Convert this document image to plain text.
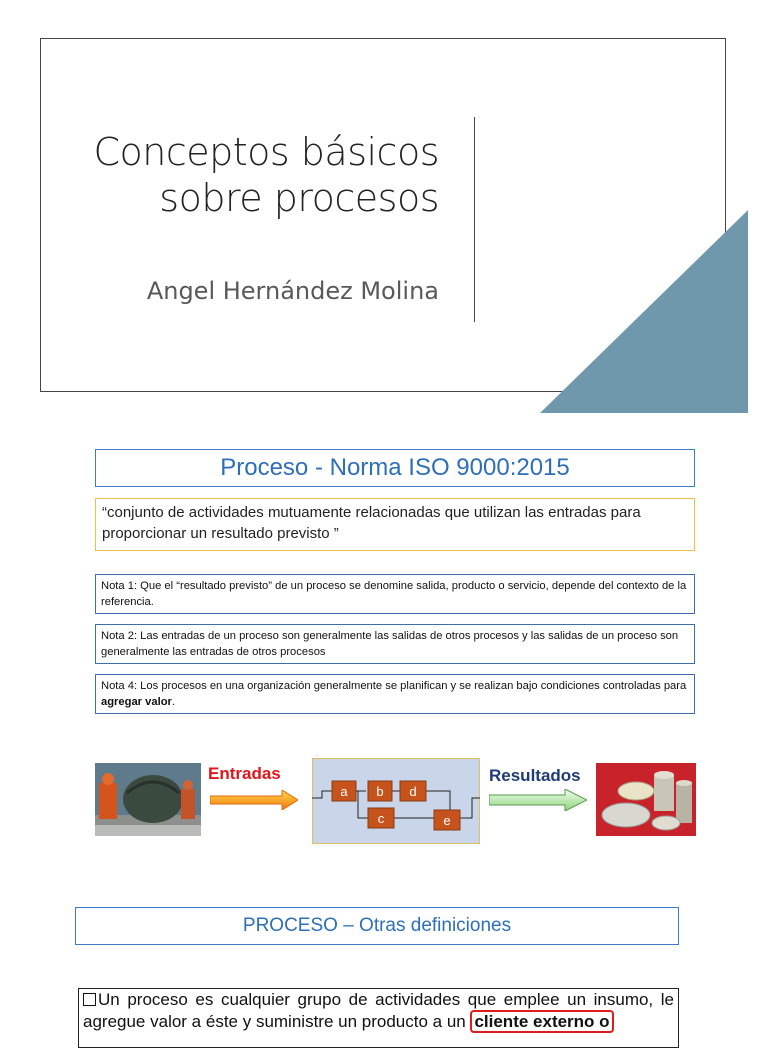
Conceptos básicos
sobre procesos

Angel Hernández Molina

Proceso - Norma ISO 9000:2015
“conjunto de actividades mutuamente relacionadas que utilizan las entradas para proporcionar un resultado previsto ”
Nota 1: Que el “resultado previsto” de un proceso se denomine salida, producto o servicio, depende del contexto de la referencia.
Nota 2: Las entradas de un proceso son generalmente las salidas de otros procesos y las salidas de un proceso son generalmente las entradas de otros procesos
Nota 4: Los procesos en una organización generalmente se planifican y se realizan bajo condiciones controladas para agregar valor.
Entradas
a b d
c	e
Resultados
PROCESO – Otras definiciones
Un proceso es cualquier grupo de actividades que emplee un insumo, le agregue valor a éste y suministre un producto a un cliente externo o
